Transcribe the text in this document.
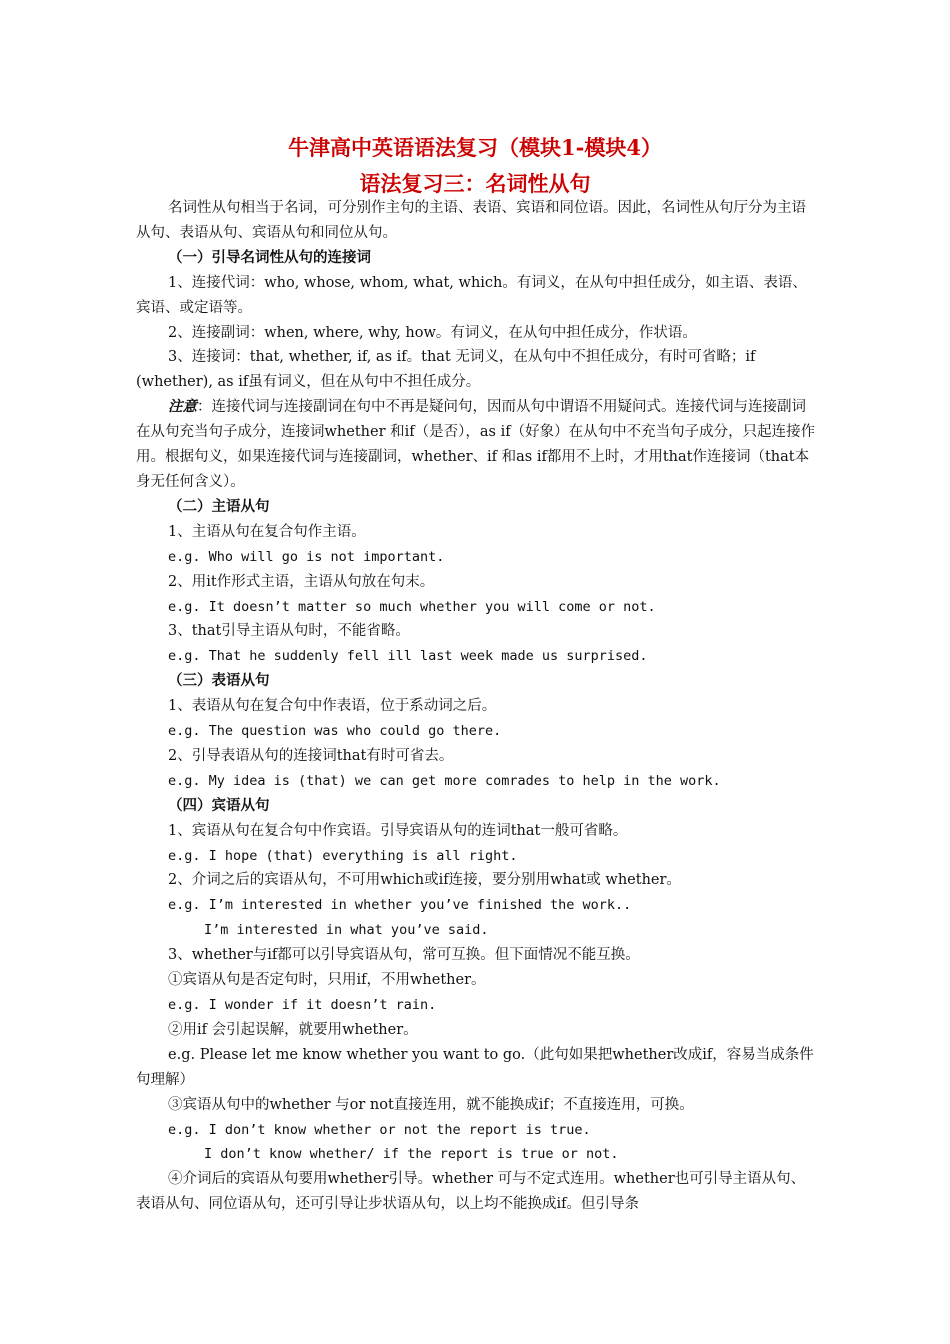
牛津高中英语语法复习（模块1-模块4）
语法复习三：名词性从句

名词性从句相当于名词，可分别作主句的主语、表语、宾语和同位语。因此，名词性从句厅分为主语从句、表语从句、宾语从句和同位从句。

（一）引导名词性从句的连接词

1、连接代词：who, whose, whom, what, which。有词义，在从句中担任成分，如主语、表语、宾语、或定语等。

2、连接副词：when, where, why, how。有词义，在从句中担任成分，作状语。

3、连接词：that, whether, if, as if。that 无词义，在从句中不担任成分，有时可省略；if (whether), as if虽有词义，但在从句中不担任成分。

注意：连接代词与连接副词在句中不再是疑问句，因而从句中谓语不用疑问式。连接代词与连接副词在从句充当句子成分，连接词whether 和if（是否），as if（好象）在从句中不充当句子成分，只起连接作用。根据句义，如果连接代词与连接副词，whether、if 和as if都用不上时，才用that作连接词（that本身无任何含义）。

（二）主语从句

1、主语从句在复合句作主语。

e.g. Who will go is not important.

2、用it作形式主语，主语从句放在句末。

e.g. It doesn’t matter so much whether you will come or not.

3、that引导主语从句时，不能省略。

e.g. That he suddenly fell ill last week made us surprised.

（三）表语从句

1、表语从句在复合句中作表语，位于系动词之后。

e.g. The question was who could go there.

2、引导表语从句的连接词that有时可省去。

e.g. My idea is (that) we can get more comrades to help in the work.

（四）宾语从句

1、宾语从句在复合句中作宾语。引导宾语从句的连词that一般可省略。

e.g. I hope (that) everything is all right.

2、介词之后的宾语从句，不可用which或if连接，要分别用what或 whether。

e.g. I’m interested in whether you’ve finished the work..

I’m interested in what you’ve said.

3、whether与if都可以引导宾语从句，常可互换。但下面情况不能互换。

①宾语从句是否定句时，只用if，不用whether。

e.g. I wonder if it doesn’t rain.

②用if 会引起误解，就要用whether。

e.g. Please let me know whether you want to go.（此句如果把whether改成if，容易当成条件句理解）

③宾语从句中的whether 与or not直接连用，就不能换成if；不直接连用，可换。

e.g. I don’t know whether or not the report is true.

I don’t know whether/ if the report is true or not.

④介词后的宾语从句要用whether引导。whether 可与不定式连用。whether也可引导主语从句、表语从句、同位语从句，还可引导让步状语从句，以上均不能换成if。但引导条
